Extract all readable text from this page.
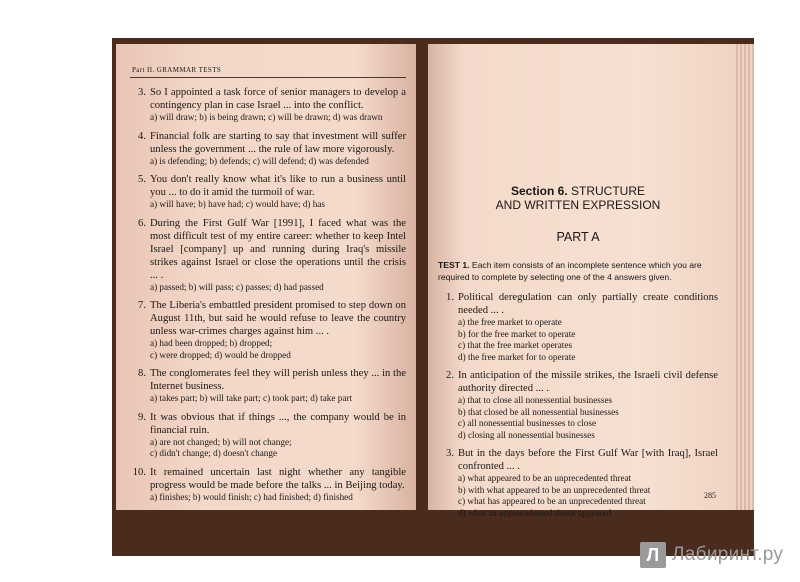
Part II. GRAMMAR TESTS
3. So I appointed a task force of senior managers to develop a contingency plan in case Israel ... into the conflict.
a) will draw; b) is being drawn; c) will be drawn; d) was drawn
4. Financial folk are starting to say that investment will suffer unless the government ... the rule of law more vigorously.
a) is defending; b) defends; c) will defend; d) was defended
5. You don't really know what it's like to run a business until you ... to do it amid the turmoil of war.
a) will have; b) have had; c) would have; d) has
6. During the First Gulf War [1991], I faced what was the most difficult test of my entire career: whether to keep Intel Israel [company] up and running during Iraq's missile strikes against Israel or close the operations until the crisis ... .
a) passed; b) will pass; c) passes; d) had passed
7. The Liberia's embattled president promised to step down on August 11th, but said he would refuse to leave the country unless war-crimes charges against him ... .
a) had been dropped; b) dropped;
c) were dropped; d) would be dropped
8. The conglomerates feel they will perish unless they ... in the Internet business.
a) takes part; b) will take part; c) took part; d) take part
9. It was obvious that if things ..., the company would be in financial ruin.
a) are not changed; b) will not change;
c) didn't change; d) doesn't change
10. It remained uncertain last night whether any tangible progress would be made before the talks ... in Beijing today.
a) finishes; b) would finish; c) had finished; d) finished
Section 6. STRUCTURE
AND WRITTEN EXPRESSION
PART A
TEST 1. Each item consists of an incomplete sentence which you are required to complete by selecting one of the 4 answers given.
1. Political deregulation can only partially create conditions needed ... .
a) the free market to operate
b) for the free market to operate
c) that the free market operates
d) the free market for to operate
2. In anticipation of the missile strikes, the Israeli civil defense authority directed ... .
a) that to close all nonessential businesses
b) that closed be all nonessential businesses
c) all nonessential businesses to close
d) closing all nonessential businesses
3. But in the days before the First Gulf War [with Iraq], Israel confronted ... .
a) what appeared to be an unprecedented threat
b) with what appeared to be an unprecedented threat
c) what has appeared to be an unprecedented threat
d) what an unprecedented threat appeared
285
Л Лабиринт.ру
